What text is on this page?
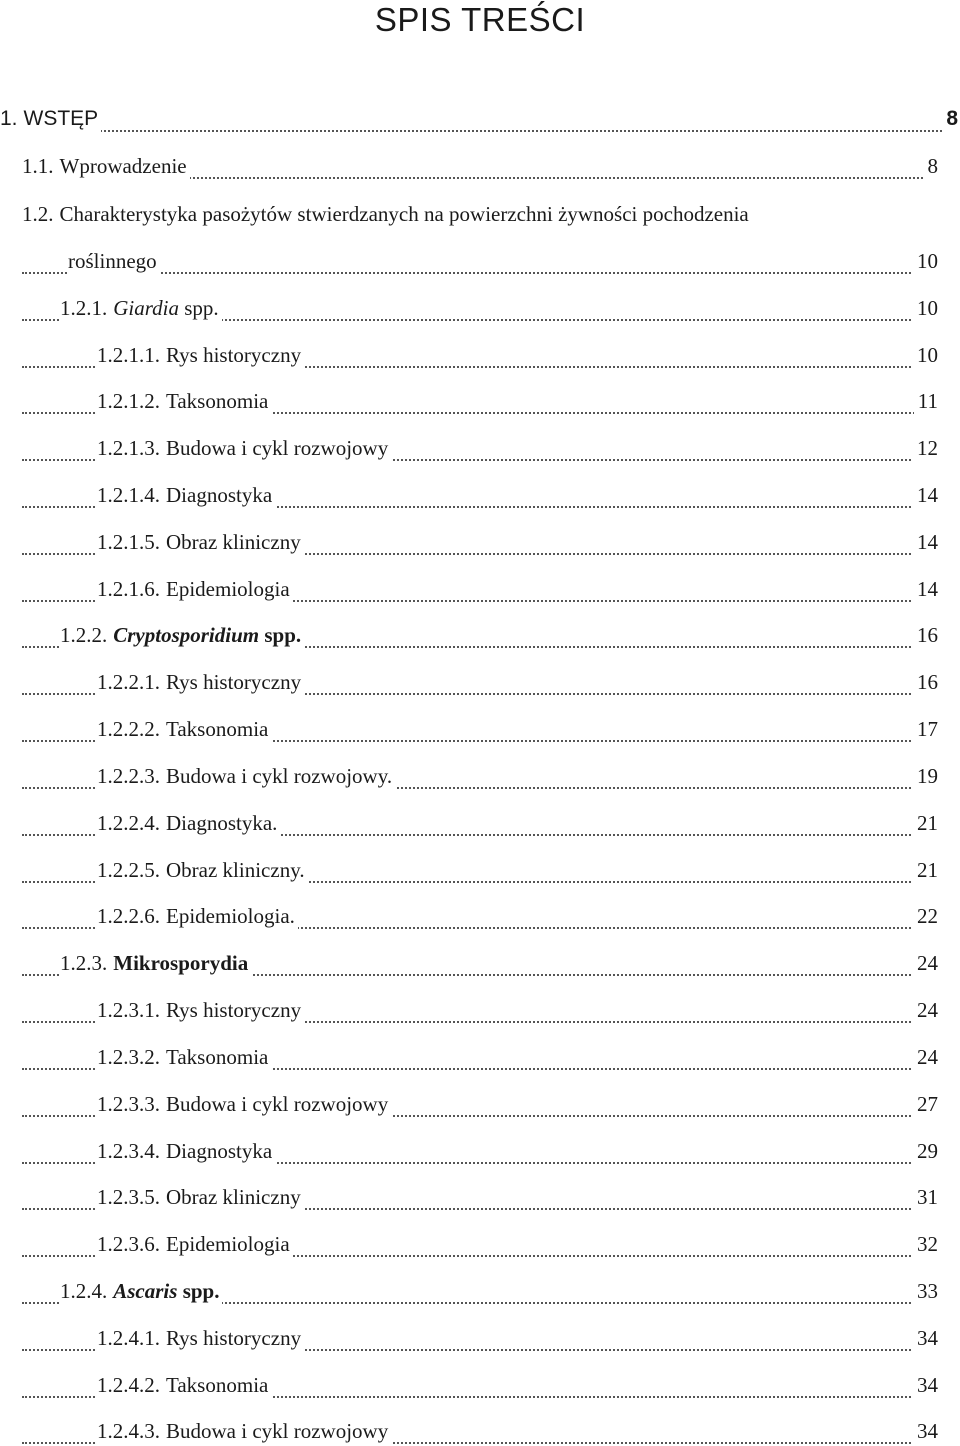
SPIS TREŚCI
1. WSTĘP	8
1.1. Wprowadzenie	8
1.2. Charakterystyka pasożytów stwierdzanych na powierzchni żywności pochodzenia
roślinnego	10
1.2.1. Giardia spp.	10
1.2.1.1. Rys historyczny	10
1.2.1.2. Taksonomia	11
1.2.1.3. Budowa i cykl rozwojowy	12
1.2.1.4. Diagnostyka	14
1.2.1.5. Obraz kliniczny	14
1.2.1.6. Epidemiologia	14
1.2.2. Cryptosporidium spp.	16
1.2.2.1. Rys historyczny	16
1.2.2.2. Taksonomia	17
1.2.2.3. Budowa i cykl rozwojowy.	19
1.2.2.4. Diagnostyka.	21
1.2.2.5. Obraz kliniczny.	21
1.2.2.6. Epidemiologia.	22
1.2.3. Mikrosporydia	24
1.2.3.1. Rys historyczny	24
1.2.3.2. Taksonomia	24
1.2.3.3. Budowa i cykl rozwojowy	27
1.2.3.4. Diagnostyka	29
1.2.3.5. Obraz kliniczny	31
1.2.3.6. Epidemiologia	32
1.2.4. Ascaris spp.	33
1.2.4.1. Rys historyczny	34
1.2.4.2. Taksonomia	34
1.2.4.3. Budowa i cykl rozwojowy	34
